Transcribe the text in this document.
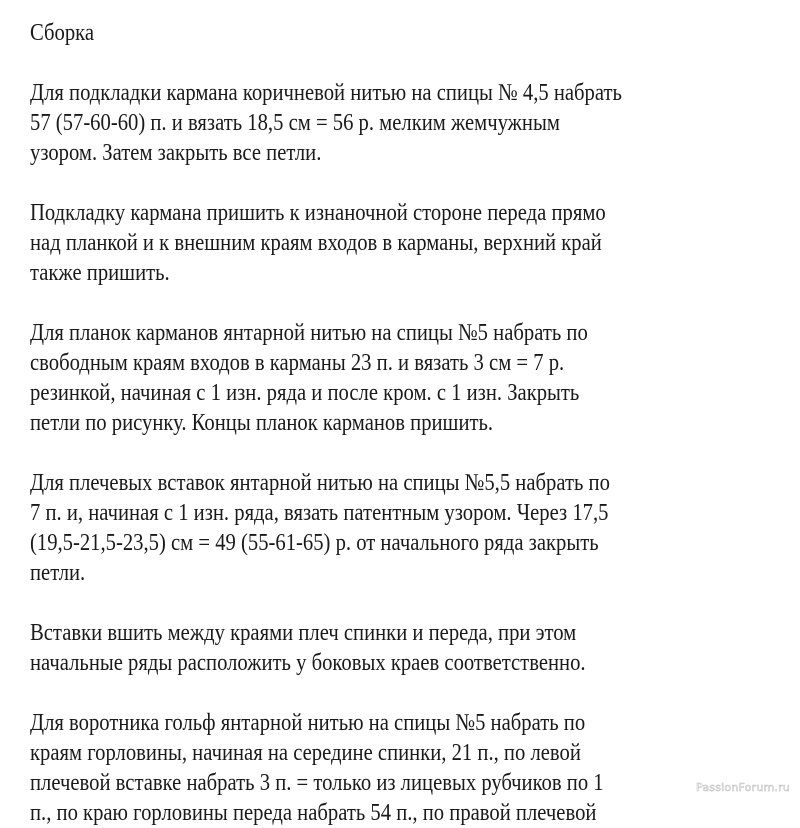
Сборка
Для подкладки кармана коричневой нитью на спицы № 4,5 набрать
57 (57-60-60) п. и вязать 18,5 см = 56 р. мелким жемчужным
узором. Затем закрыть все петли.
Подкладку кармана пришить к изнаночной стороне переда прямо
над планкой и к внешним краям входов в карманы, верхний край
также пришить.
Для планок карманов янтарной нитью на спицы №5 набрать по
свободным краям входов в карманы 23 п. и вязать 3 см = 7 р.
резинкой, начиная с 1 изн. ряда и после кром. с 1 изн. Закрыть
петли по рисунку. Концы планок карманов пришить.
Для плечевых вставок янтарной нитью на спицы №5,5 набрать по
7 п. и, начиная с 1 изн. ряда, вязать патентным узором. Через 17,5
(19,5-21,5-23,5) см = 49 (55-61-65) р. от начального ряда закрыть
петли.
Вставки вшить между краями плеч спинки и переда, при этом
начальные ряды расположить у боковых краев соответственно.
Для воротника гольф янтарной нитью на спицы №5 набрать по
краям горловины, начиная на середине спинки, 21 п., по левой
плечевой вставке набрать 3 п. = только из лицевых рубчиков по 1
п., по краю горловины переда набрать 54 п., по правой плечевой
PassionForum.ru
